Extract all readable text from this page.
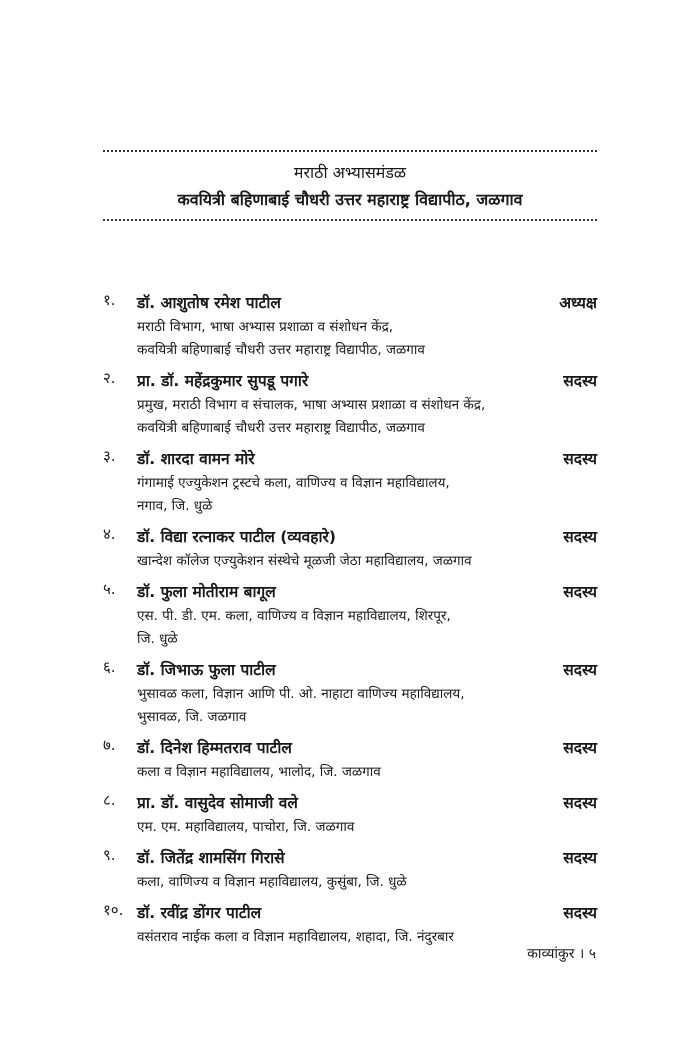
मराठी अभ्यासमंडळ
कवयित्री बहिणाबाई चौधरी उत्तर महाराष्ट्र विद्यापीठ, जळगाव
१. डॉ. आशुतोष रमेश पाटील	अध्यक्ष
मराठी विभाग, भाषा अभ्यास प्रशाळा व संशोधन केंद्र,
कवयित्री बहिणाबाई चौधरी उत्तर महाराष्ट्र विद्यापीठ, जळगाव
२. प्रा. डॉ. महेंद्रकुमार सुपडू पगारे	सदस्य
प्रमुख, मराठी विभाग व संचालक, भाषा अभ्यास प्रशाळा व संशोधन केंद्र,
कवयित्री बहिणाबाई चौधरी उत्तर महाराष्ट्र विद्यापीठ, जळगाव
३. डॉ. शारदा वामन मोरे	सदस्य
गंगामाई एज्युकेशन ट्रस्टचे कला, वाणिज्य व विज्ञान महाविद्यालय,
नगाव, जि. धुळे
४. डॉ. विद्या रत्नाकर पाटील (व्यवहारे)	सदस्य
खान्देश कॉलेज एज्युकेशन संस्थेचे मूळजी जेठा महाविद्यालय, जळगाव
५. डॉ. फुला मोतीराम बागूल	सदस्य
एस. पी. डी. एम. कला, वाणिज्य व विज्ञान महाविद्यालय, शिरपूर,
जि. धुळे
६. डॉ. जिभाऊ फुला पाटील	सदस्य
भुसावळ कला, विज्ञान आणि पी. ओ. नाहाटा वाणिज्य महाविद्यालय,
भुसावळ, जि. जळगाव
७. डॉ. दिनेश हिम्मतराव पाटील	सदस्य
कला व विज्ञान महाविद्यालय, भालोद, जि. जळगाव
८. प्रा. डॉ. वासुदेव सोमाजी वले	सदस्य
एम. एम. महाविद्यालय, पाचोरा, जि. जळगाव
९. डॉ. जितेंद्र शामसिंग गिरासे	सदस्य
कला, वाणिज्य व विज्ञान महाविद्यालय, कुसुंबा, जि. धुळे
१०. डॉ. रवींद्र डोंगर पाटील	सदस्य
वसंतराव नाईक कला व विज्ञान महाविद्यालय, शहादा, जि. नंदुरबार
काव्यांकुर । ५
